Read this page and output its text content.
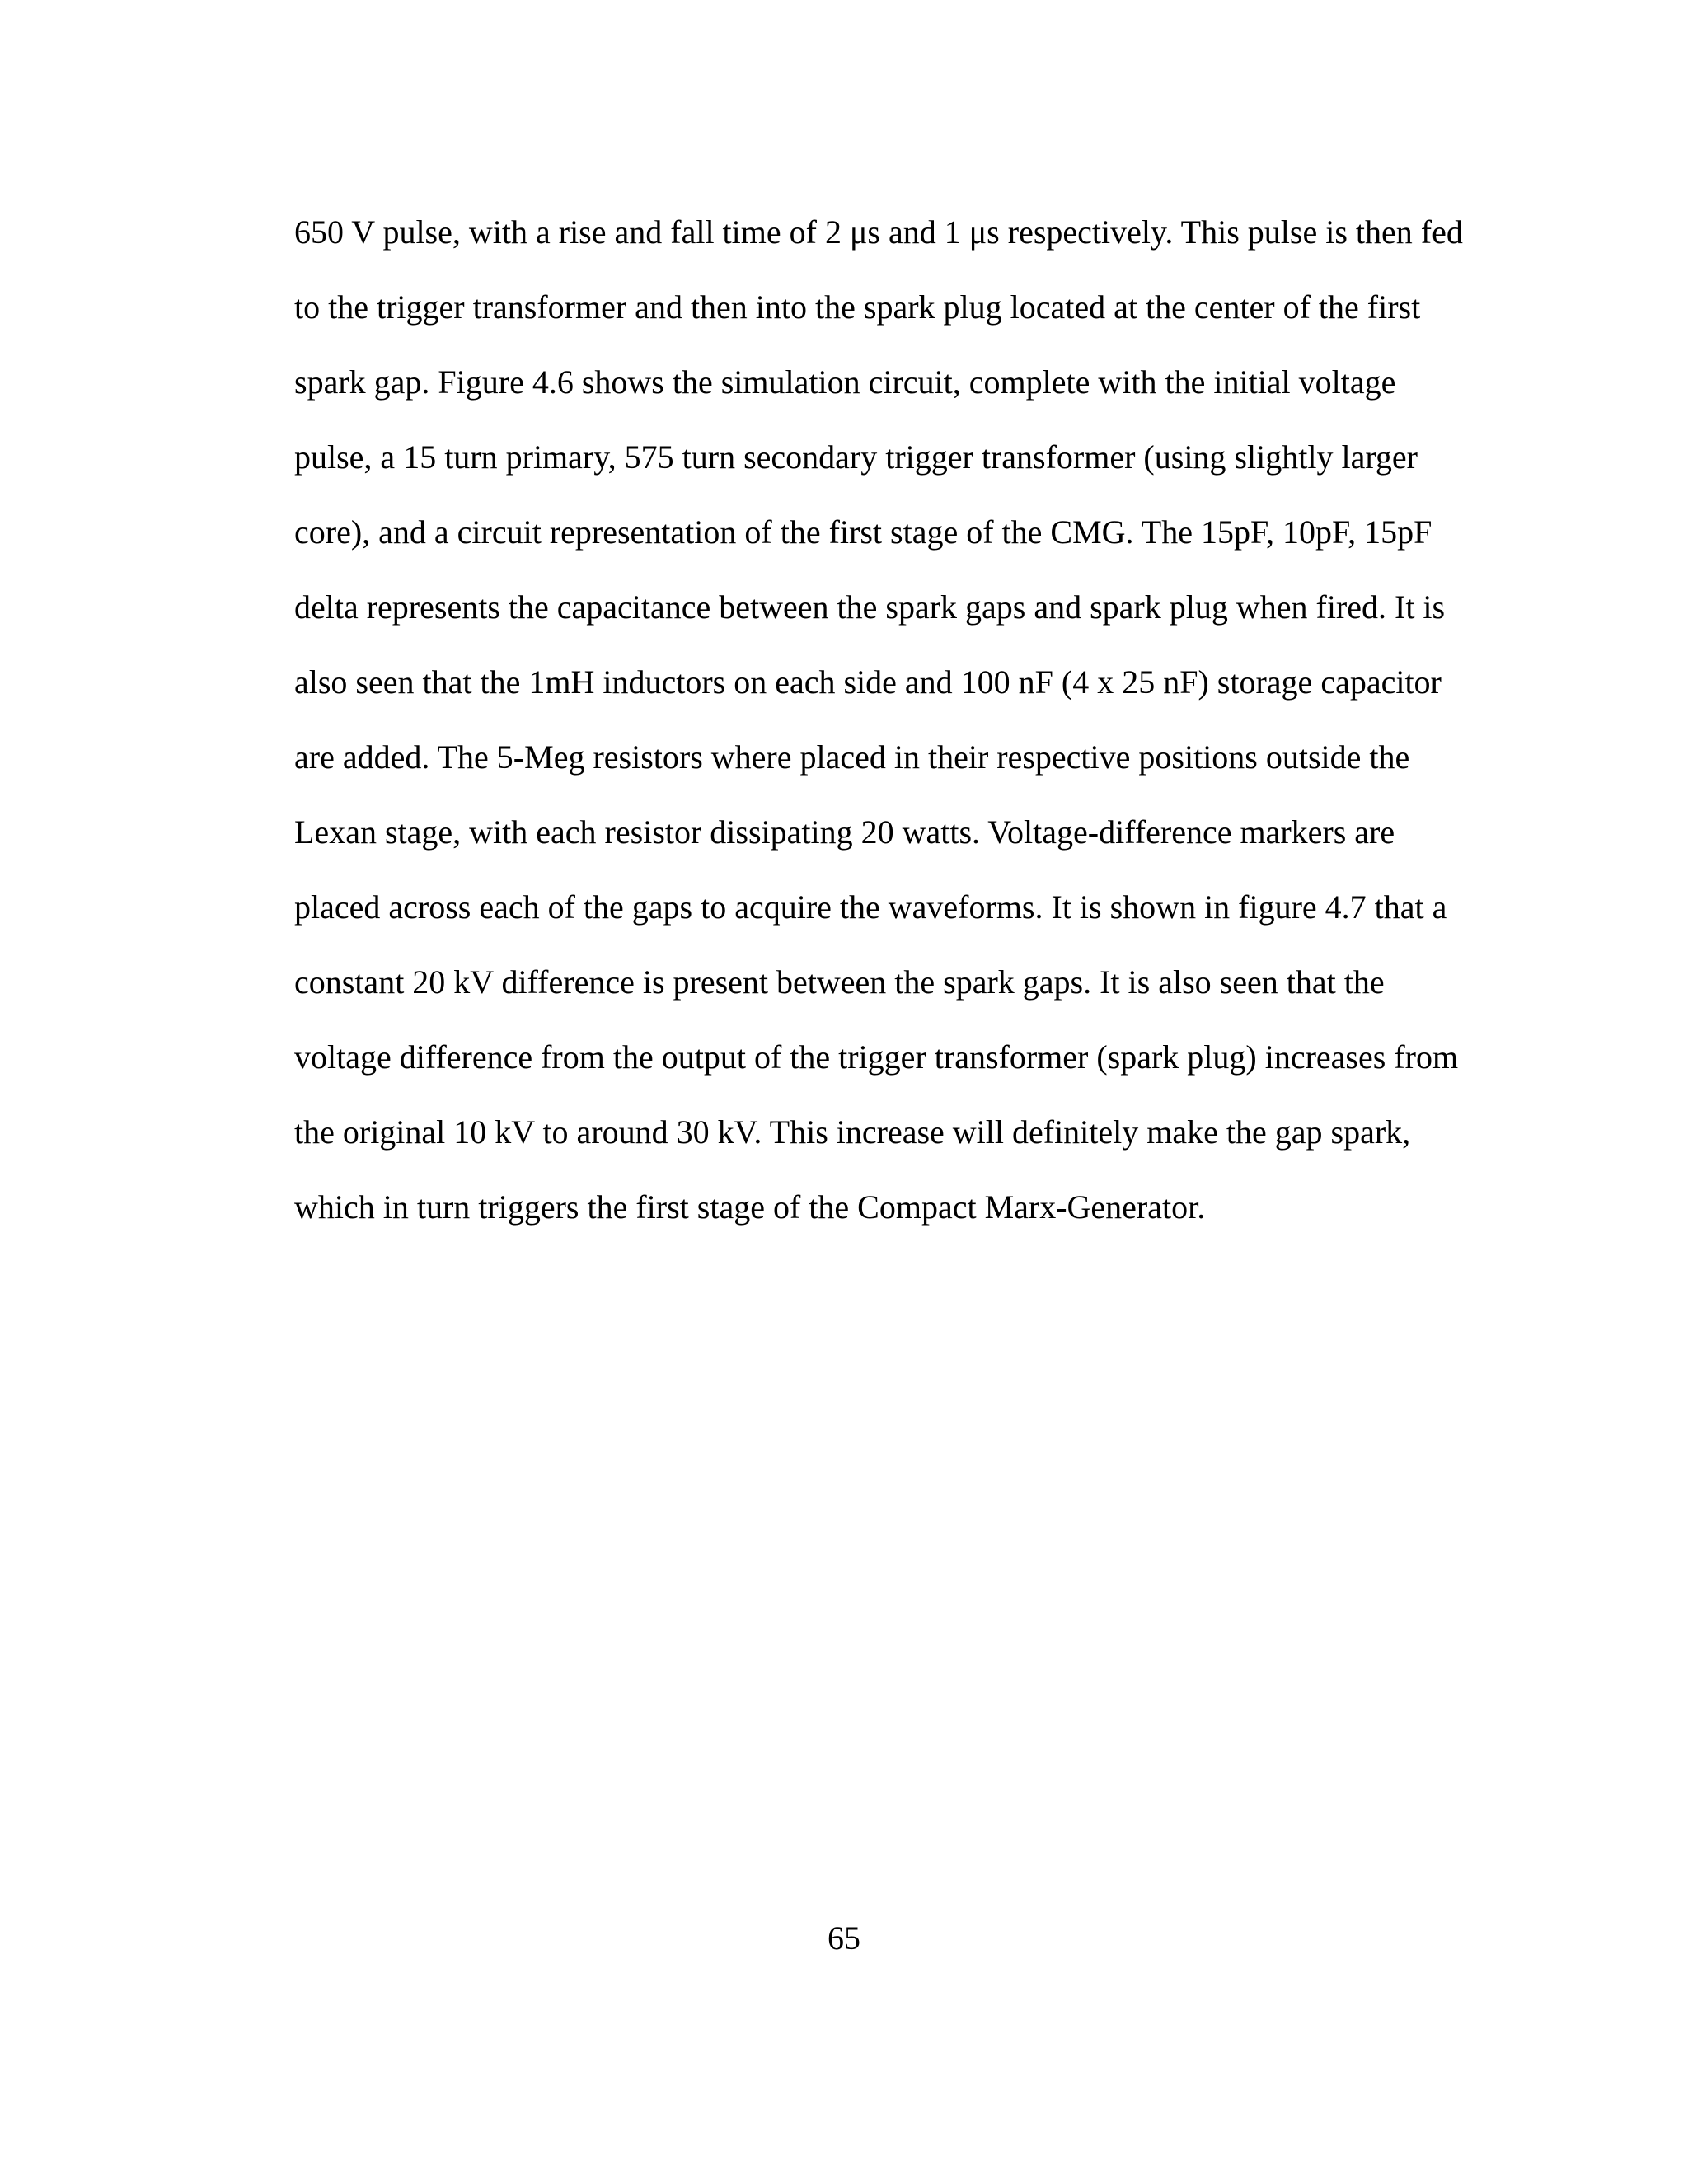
650 V pulse, with a rise and fall time of 2 μs and 1 μs respectively. This pulse is then fed
to the trigger transformer and then into the spark plug located at the center of the first
spark gap. Figure 4.6 shows the simulation circuit, complete with the initial voltage
pulse, a 15 turn primary, 575 turn secondary trigger transformer (using slightly larger
core), and a circuit representation of the first stage of the CMG. The 15pF, 10pF, 15pF
delta represents the capacitance between the spark gaps and spark plug when fired. It is
also seen that the 1mH inductors on each side and 100 nF (4 x 25 nF) storage capacitor
are added. The 5-Meg resistors where placed in their respective positions outside the
Lexan stage, with each resistor dissipating 20 watts. Voltage-difference markers are
placed across each of the gaps to acquire the waveforms. It is shown in figure 4.7 that a
constant 20 kV difference is present between the spark gaps. It is also seen that the
voltage difference from the output of the trigger transformer (spark plug) increases from
the original 10 kV to around 30 kV. This increase will definitely make the gap spark,
which in turn triggers the first stage of the Compact Marx-Generator.
65
